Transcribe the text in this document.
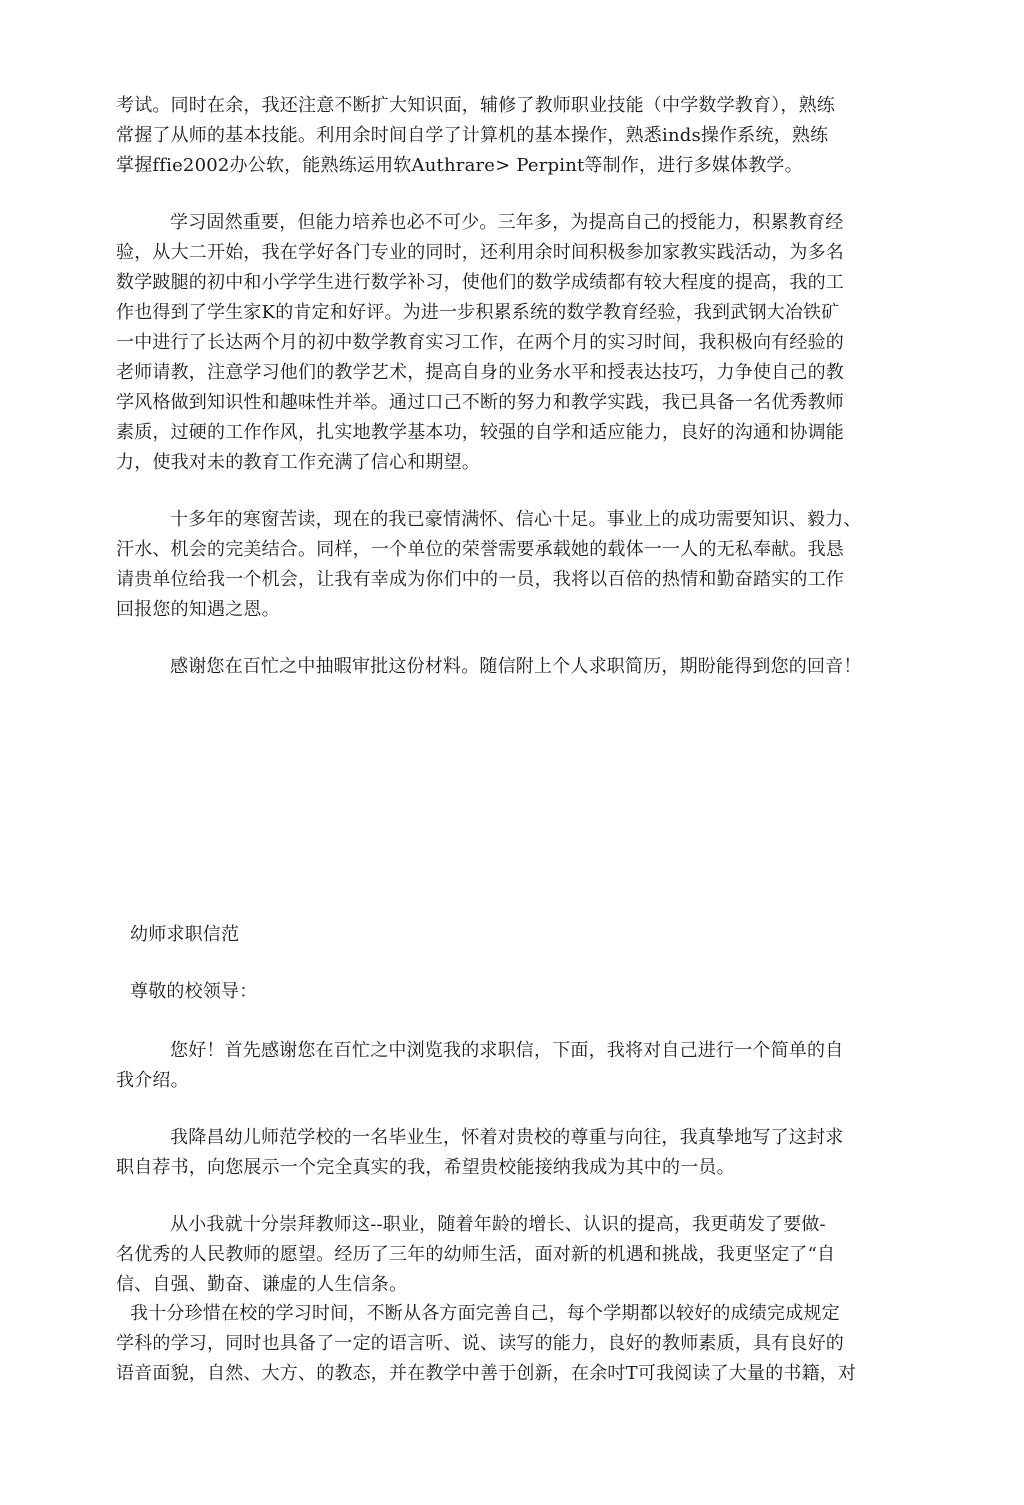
考试。同时在余，我还注意不断扩大知识面，辅修了教师职业技能（中学数学教育），熟练
常握了从师的基本技能。利用余时间自学了计算机的基本操作，熟悉inds操作系统，熟练
掌握ffie2002办公软，能熟练运用软Authrare> Perpint等制作，进行多媒体教学。
学习固然重要，但能力培养也必不可少。三年多，为提高自己的授能力，积累教育经
验，从大二开始，我在学好各门专业的同时，还利用余时间积极参加家教实践活动，为多名
数学跛腿的初中和小学学生进行数学补习，使他们的数学成绩都有较大程度的提高，我的工
作也得到了学生家K的肯定和好评。为进一步积累系统的数学教育经验，我到武钢大冶铁矿
一中进行了长达两个月的初中数学教育实习工作，在两个月的实习时间，我积极向有经验的
老师请教，注意学习他们的教学艺术，提高自身的业务水平和授表达技巧，力争使自己的教
学风格做到知识性和趣味性并举。通过口己不断的努力和教学实践，我已具备一名优秀教师
素质，过硬的工作作风，扎实地教学基本功，较强的自学和适应能力，良好的沟通和协调能
力，使我对未的教育工作充满了信心和期望。
十多年的寒窗苦读，现在的我已豪情满怀、信心十足。事业上的成功需要知识、毅力、
汗水、机会的完美结合。同样，一个单位的荣誉需要承载她的载体一一人的无私奉献。我恳
请贵单位给我一个机会，让我有幸成为你们中的一员，我将以百倍的热情和勤奋踏实的工作
回报您的知遇之恩。
感谢您在百忙之中抽暇审批这份材料。随信附上个人求职简历，期盼能得到您的回音！
幼师求职信范
尊敬的校领导：
您好！首先感谢您在百忙之中浏览我的求职信，下面，我将对自己进行一个简单的自
我介绍。
我降昌幼儿师范学校的一名毕业生，怀着对贵校的尊重与向往，我真挚地写了这封求
职自荐书，向您展示一个完全真实的我，希望贵校能接纳我成为其中的一员。
从小我就十分崇拜教师这--职业，随着年龄的增长、认识的提高，我更萌发了要做-
名优秀的人民教师的愿望。经历了三年的幼师生活，面对新的机遇和挑战，我更坚定了“自
信、自强、勤奋、谦虚的人生信条。
我十分珍惜在校的学习时间，不断从各方面完善自己，每个学期都以较好的成绩完成规定
学科的学习，同时也具备了一定的语言听、说、读写的能力，良好的教师素质，具有良好的
语音面貌，自然、大方、的教态，并在教学中善于创新，在余吋T可我阅读了大量的书籍，对
